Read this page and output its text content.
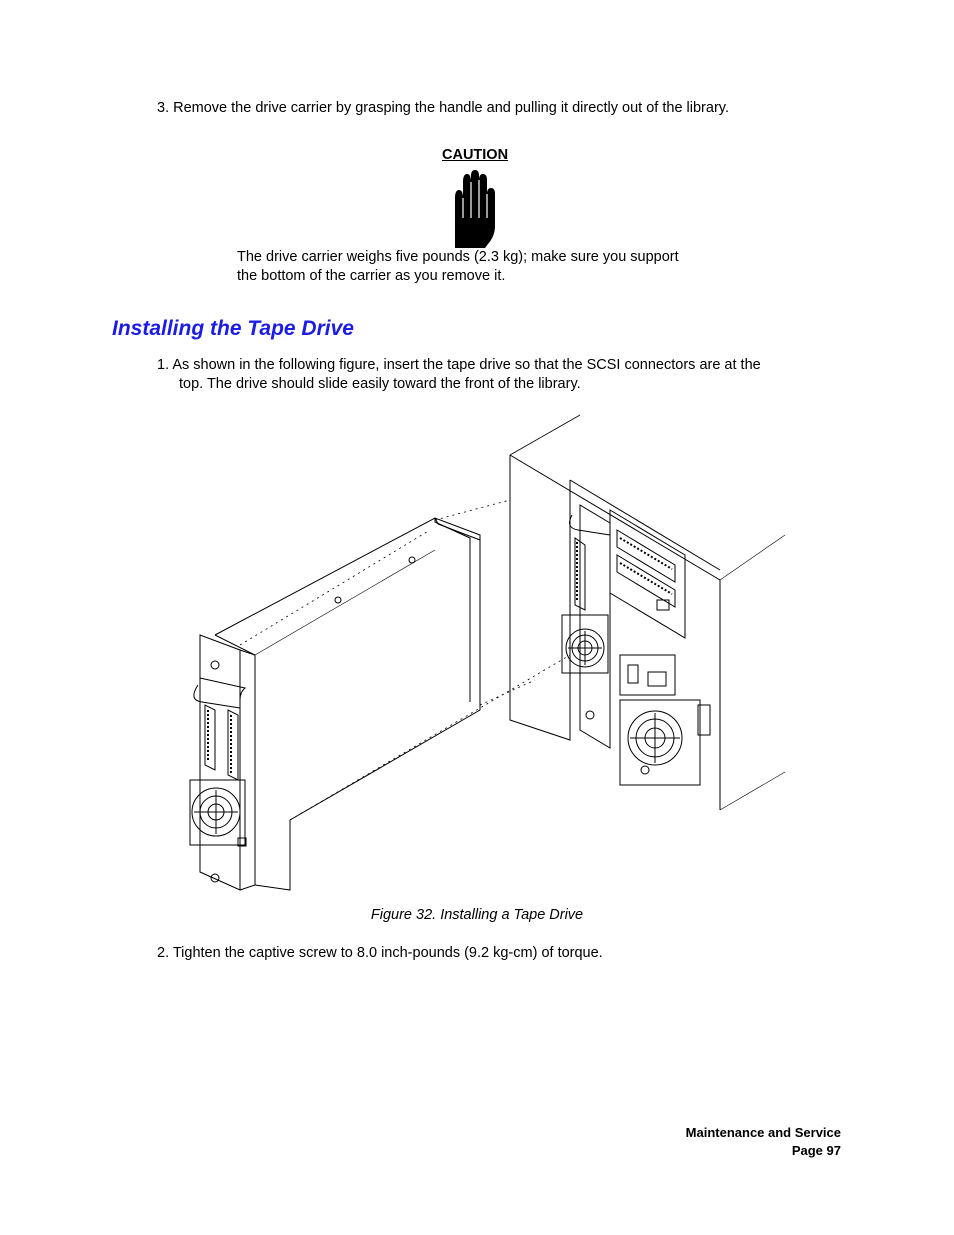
3. Remove the drive carrier by grasping the handle and pulling it directly out of the library.
CAUTION
The drive carrier weighs five pounds (2.3 kg); make sure you support
the bottom of the carrier as you remove it.
Installing the Tape Drive
1. As shown in the following figure, insert the tape drive so that the SCSI connectors are at the
top. The drive should slide easily toward the front of the library.
Figure 32. Installing a Tape Drive
2. Tighten the captive screw to 8.0 inch-pounds (9.2 kg-cm) of torque.
Maintenance and Service
Page 97
